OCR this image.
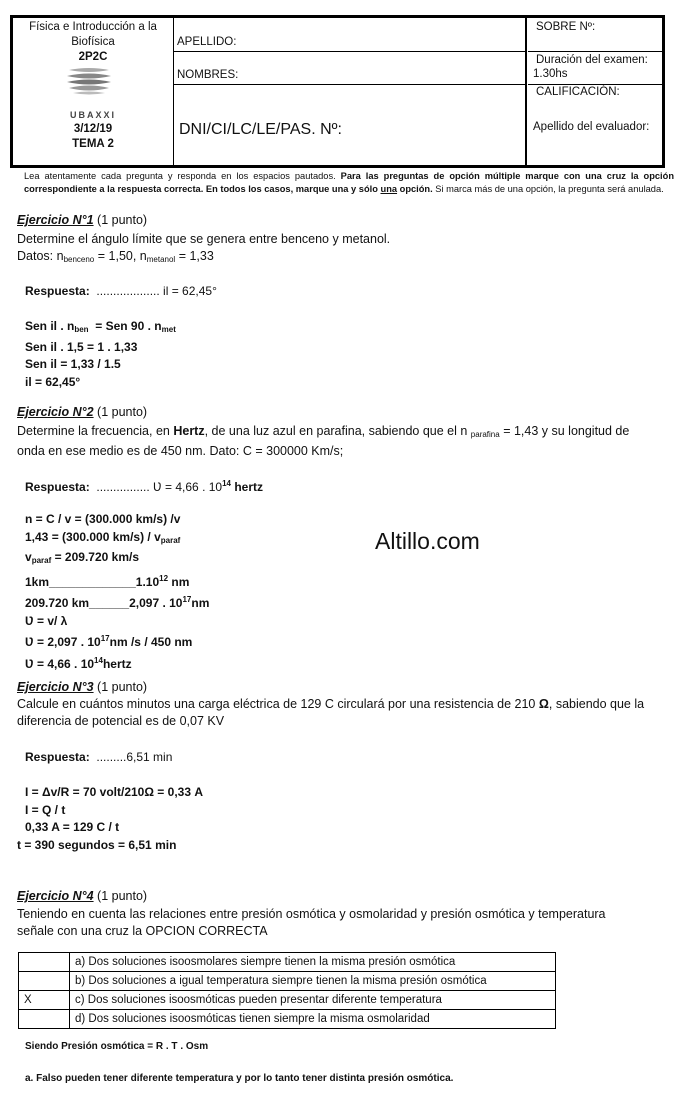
Física e Introducción a la
Biofísica
2P2C
UBAXXI
3/12/19
TEMA 2
APELLIDO:
NOMBRES:
DNI/CI/LC/LE/PAS. Nº:
SOBRE Nº:
Duración del examen:
1.30hs
CALIFICACIÓN:
Apellido del evaluador:
Lea atentamente cada pregunta y responda en los espacios pautados. Para las preguntas de opción múltiple marque con una cruz la opción correspondiente a la respuesta correcta. En todos los casos, marque una y sólo una opción. Si marca más de una opción, la pregunta será anulada.
Ejercicio N°1 (1 punto)
Determine el ángulo límite que se genera entre benceno y metanol.
Datos: $n_{benceno} = 1,50$, $n_{metanol} = 1,33$
Respuesta: ................... il = 62,45°
Sen il . $n_{ben}$ = Sen 90 . $n_{met}$
Sen il . 1,5 = 1 . 1,33
Sen il = 1,33 / 1.5
il = 62,45°
Ejercicio N°2 (1 punto)
Determine la frecuencia, en Hertz, de una luz azul en parafina, sabiendo que el n $_{parafina}$ = 1,43 y su longitud de
onda en ese medio es de 450 nm. Dato: C = 300000 Km/s;
Respuesta: ................ Ʋ = 4,66 . $10^{14}$ hertz
n = C / v = (300.000 km/s) /v
1,43 = (300.000 $km/s) / v_{paraf}$
$v_{paraf} = 209.720$ km/s
1km_____________1.10$^{12}$ nm
209.720 km______2,097 . $10^{17}nm$
Ʋ = v/ λ
Ʋ = 2,097 . $10^{17}nm$ /s / 450 nm
Ʋ = 4,66 . $10^{14}hertz$
Altillo.com
Ejercicio N°3 (1 punto)
Calcule en cuántos minutos una carga eléctrica de 129 C circulará por una resistencia de 210 Ω, sabiendo que la
diferencia de potencial es de 0,07 KV
Respuesta: .........6,51 min
I = Δv/R = 70 volt/210Ω = 0,33 A
I = Q / t
0,33 A = 129 C / t
t = 390 segundos = 6,51 min
Ejercicio N°4 (1 punto)
Teniendo en cuenta las relaciones entre presión osmótica y osmolaridad y presión osmótica y temperatura
señale con una cruz la OPCION CORRECTA
	a) Dos soluciones isoosmolares siempre tienen la misma presión osmótica
	b) Dos soluciones a igual temperatura siempre tienen la misma presión osmótica
X	c) Dos soluciones isoosmóticas pueden presentar diferente temperatura
	d) Dos soluciones isoosmóticas tienen siempre la misma osmolaridad
Siendo Presión osmótica = R . T . Osm
a. Falso pueden tener diferente temperatura y por lo tanto tener distinta presión osmótica.
